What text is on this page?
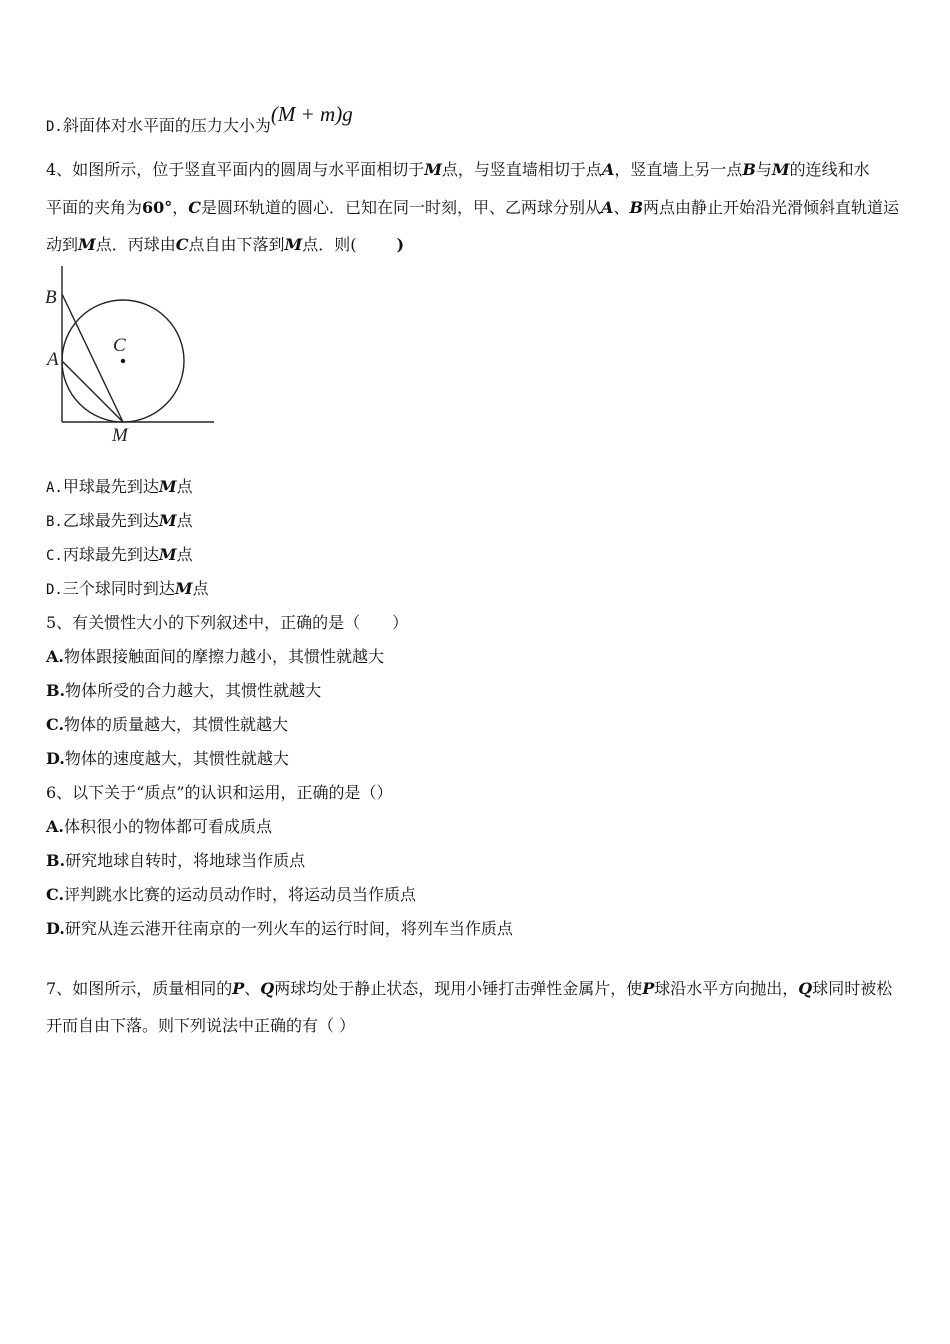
D.斜面体对水平面的压力大小为(M + m)g
4、如图所示，位于竖直平面内的圆周与水平面相切于M点，与竖直墙相切于点A，竖直墙上另一点B与M的连线和水
平面的夹角为60°，C是圆环轨道的圆心．已知在同一时刻，甲、乙两球分别从A、B两点由静止开始沿光滑倾斜直轨道运
动到M点．丙球由C点自由下落到M点．则(	)
B
A
C
M
A.甲球最先到达M点
B.乙球最先到达M点
C.丙球最先到达M点
D.三个球同时到达M点
5、有关惯性大小的下列叙述中，正确的是（　　）
A.物体跟接触面间的摩擦力越小，其惯性就越大
B.物体所受的合力越大，其惯性就越大
C.物体的质量越大，其惯性就越大
D.物体的速度越大，其惯性就越大
6、以下关于“质点”的认识和运用，正确的是（）
A.体积很小的物体都可看成质点
B.研究地球自转时，将地球当作质点
C.评判跳水比赛的运动员动作时，将运动员当作质点
D.研究从连云港开往南京的一列火车的运行时间，将列车当作质点
7、如图所示，质量相同的P、Q两球均处于静止状态，现用小锤打击弹性金属片，使P球沿水平方向抛出，Q球同时被松
开而自由下落。则下列说法中正确的有（ ）
